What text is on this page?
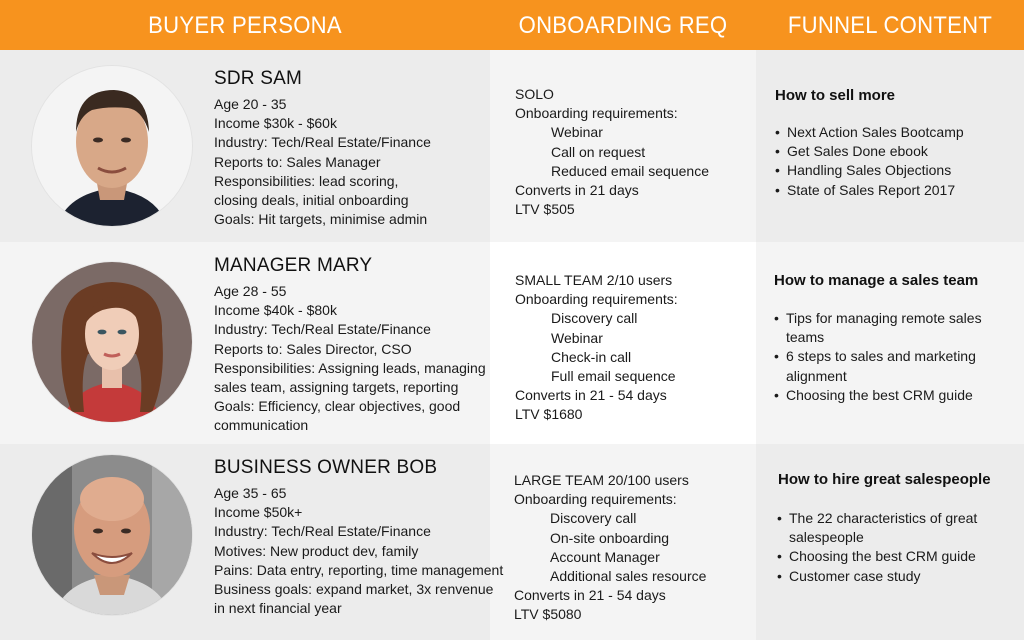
BUYER PERSONA	ONBOARDING REQ	FUNNEL CONTENT
SDR SAM
Age 20 - 35
Income $30k - $60k
Industry: Tech/Real Estate/Finance
Reports to: Sales Manager
Responsibilities: lead scoring,
closing deals, initial onboarding
Goals: Hit targets, minimise admin
SOLO
Onboarding requirements:
Webinar
Call on request
Reduced email sequence
Converts in 21 days
LTV $505
How to sell more
• Next Action Sales Bootcamp
• Get Sales Done ebook
• Handling Sales Objections
• State of Sales Report 2017
MANAGER MARY
Age 28 - 55
Income $40k - $80k
Industry: Tech/Real Estate/Finance
Reports to: Sales Director, CSO
Responsibilities: Assigning leads, managing
sales team, assigning targets, reporting
Goals: Efficiency, clear objectives, good
communication
SMALL TEAM 2/10 users
Onboarding requirements:
Discovery call
Webinar
Check-in call
Full email sequence
Converts in 21 - 54 days
LTV $1680
How to manage a sales team
• Tips for managing remote sales teams
• 6 steps to sales and marketing alignment
• Choosing the best CRM guide
BUSINESS OWNER BOB
Age 35 - 65
Income $50k+
Industry: Tech/Real Estate/Finance
Motives: New product dev, family
Pains: Data entry, reporting, time management
Business goals: expand market, 3x renvenue
in next financial year
LARGE TEAM 20/100 users
Onboarding requirements:
Discovery call
On-site onboarding
Account Manager
Additional sales resource
Converts in 21 - 54 days
LTV $5080
How to hire great salespeople
• The 22 characteristics of great salespeople
• Choosing the best CRM guide
• Customer case study
